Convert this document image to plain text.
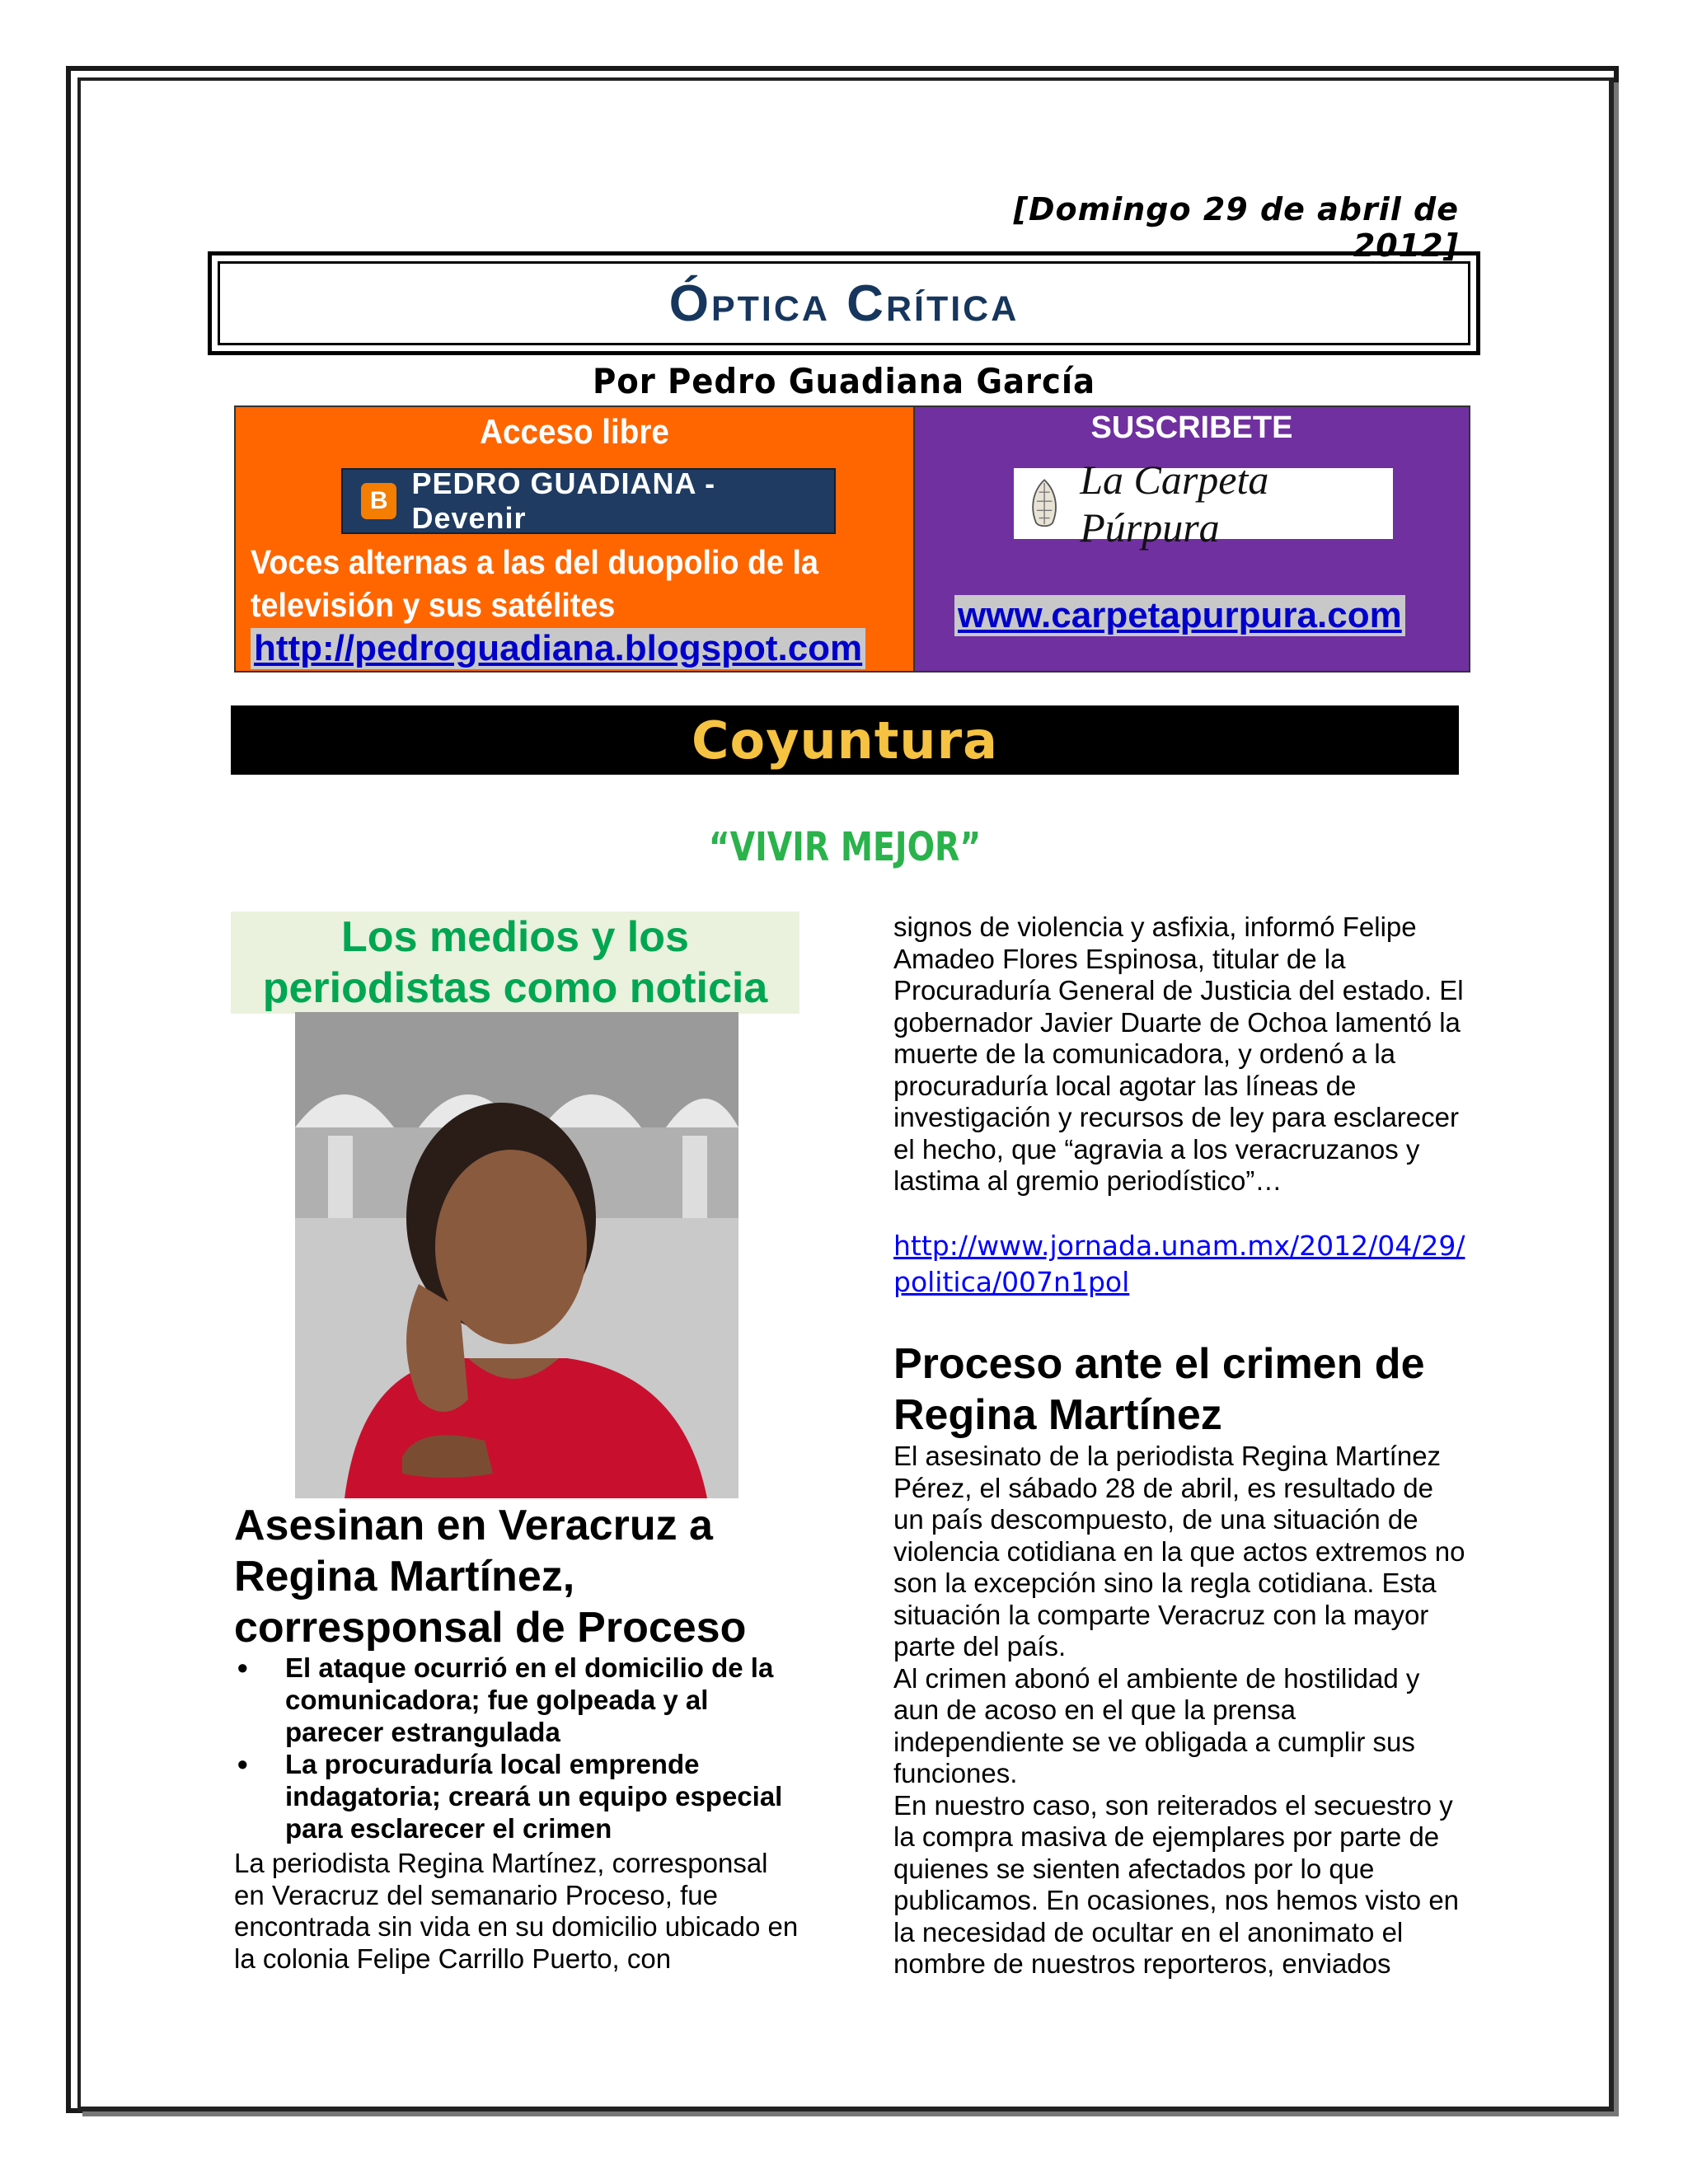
[Domingo 29 de abril de 2012]
Óptica Crítica
Por Pedro Guadiana García
Acceso libre
B
PEDRO GUADIANA - Devenir
Voces alternas a las del duopolio de la televisión y sus satélites
http://pedroguadiana.blogspot.com
SUSCRIBETE
La Carpeta Púrpura
www.carpetapurpura.com
Coyuntura
“VIVIR MEJOR”
Los medios y los periodistas como noticia
Asesinan en Veracruz a Regina Martínez, corresponsal de Proceso
• El ataque ocurrió en el domicilio de la comunicadora; fue golpeada y al parecer estrangulada
• La procuraduría local emprende indagatoria; creará un equipo especial para esclarecer el crimen
La periodista Regina Martínez, corresponsal en Veracruz del semanario Proceso, fue encontrada sin vida en su domicilio ubicado en la colonia Felipe Carrillo Puerto, con
signos de violencia y asfixia, informó Felipe Amadeo Flores Espinosa, titular de la Procuraduría General de Justicia del estado. El gobernador Javier Duarte de Ochoa lamentó la muerte de la comunicadora, y ordenó a la procuraduría local agotar las líneas de investigación y recursos de ley para esclarecer el hecho, que “agravia a los veracruzanos y lastima al gremio periodístico”…
http://www.jornada.unam.mx/2012/04/29/politica/007n1pol
Proceso ante el crimen de Regina Martínez
El asesinato de la periodista Regina Martínez Pérez, el sábado 28 de abril, es resultado de un país descompuesto, de una situación de violencia cotidiana en la que actos extremos no son la excepción sino la regla cotidiana. Esta situación la comparte Veracruz con la mayor parte del país.
Al crimen abonó el ambiente de hostilidad y aun de acoso en el que la prensa independiente se ve obligada a cumplir sus funciones.
En nuestro caso, son reiterados el secuestro y la compra masiva de ejemplares por parte de quienes se sienten afectados por lo que publicamos. En ocasiones, nos hemos visto en la necesidad de ocultar en el anonimato el nombre de nuestros reporteros, enviados
